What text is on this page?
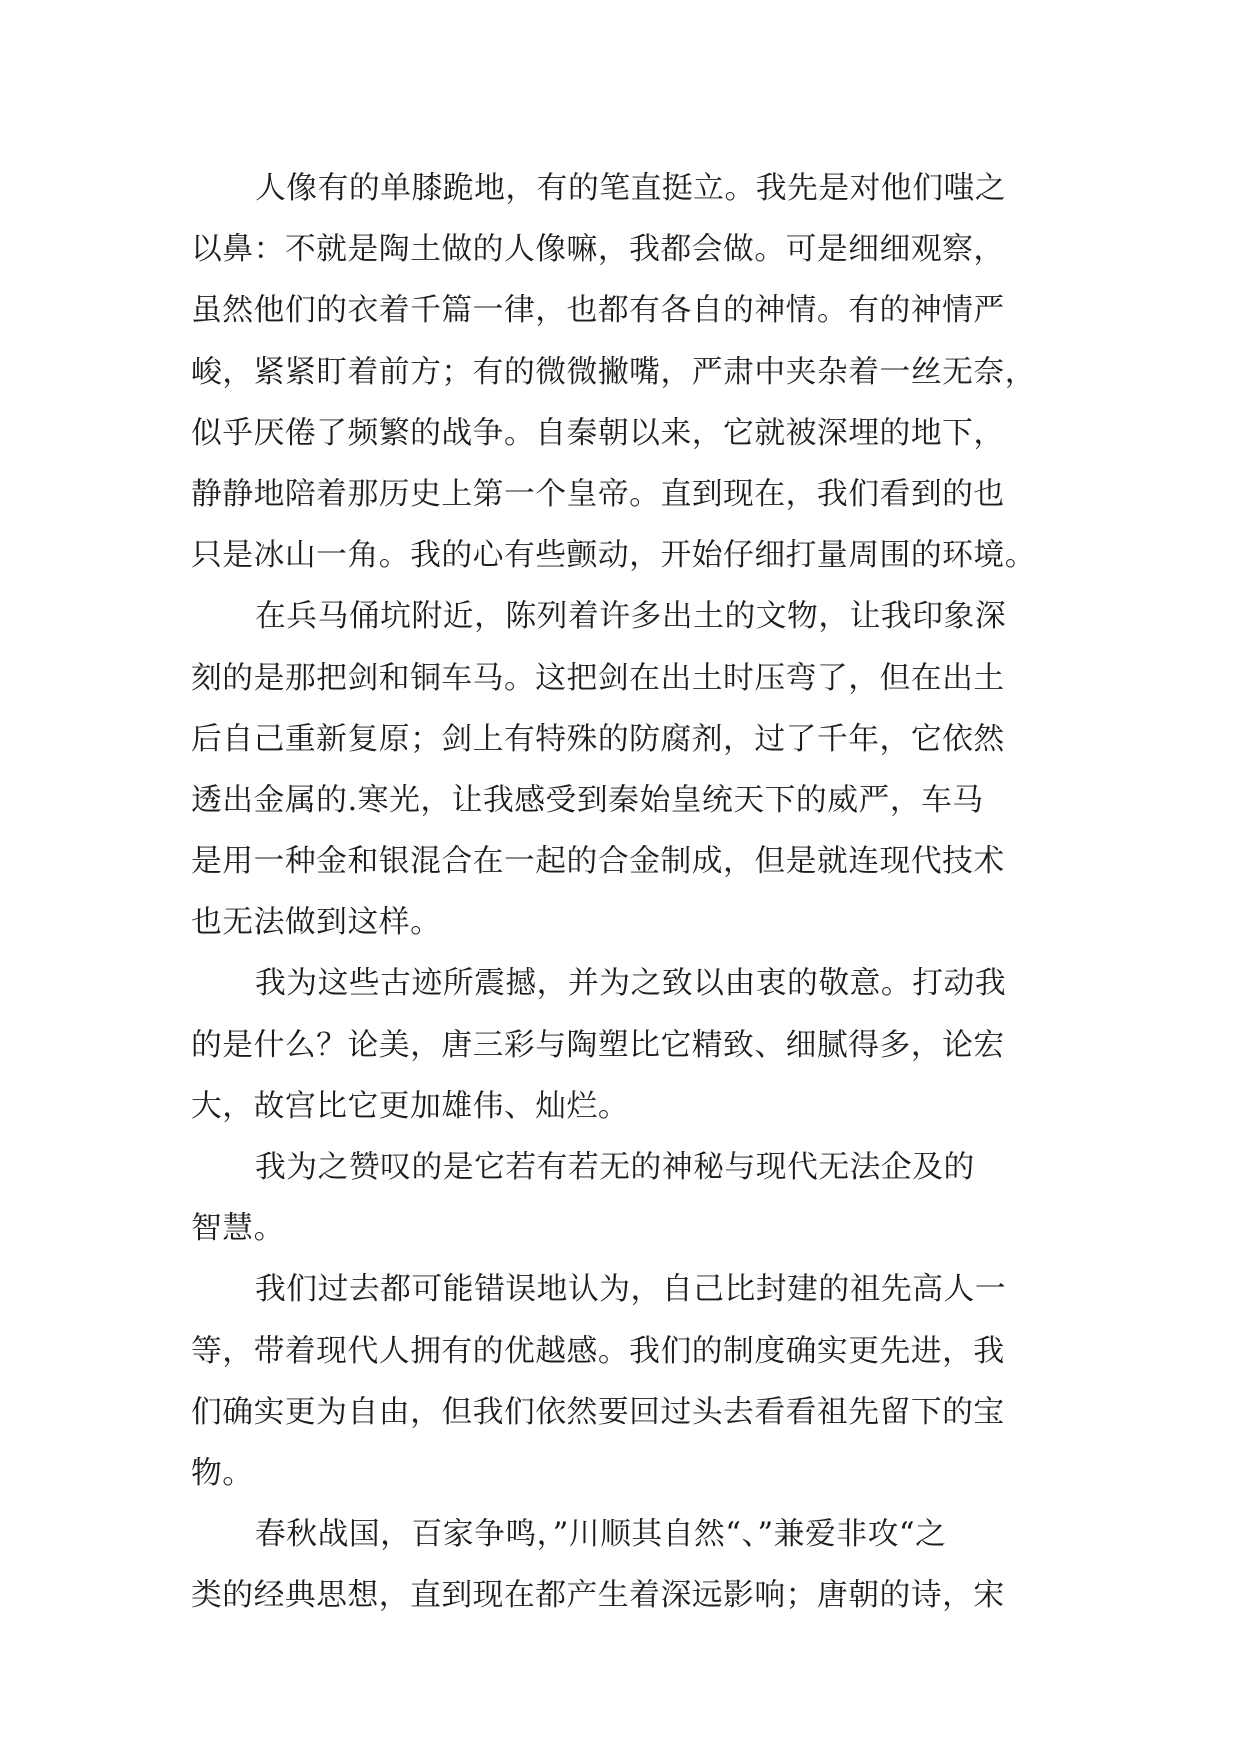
人像有的单膝跪地，有的笔直挺立。我先是对他们嗤之
以鼻：不就是陶土做的人像嘛，我都会做。可是细细观察，
虽然他们的衣着千篇一律，也都有各自的神情。有的神情严
峻，紧紧盯着前方；有的微微撇嘴，严肃中夹杂着一丝无奈，
似乎厌倦了频繁的战争。自秦朝以来，它就被深埋的地下，
静静地陪着那历史上第一个皇帝。直到现在，我们看到的也
只是冰山一角。我的心有些颤动，开始仔细打量周围的环境。
在兵马俑坑附近，陈列着许多出土的文物，让我印象深
刻的是那把剑和铜车马。这把剑在出土时压弯了，但在出土
后自己重新复原；剑上有特殊的防腐剂，过了千年，它依然
透出金属的.寒光，让我感受到秦始皇统天下的威严，车马
是用一种金和银混合在一起的合金制成，但是就连现代技术
也无法做到这样。
我为这些古迹所震撼，并为之致以由衷的敬意。打动我
的是什么？论美，唐三彩与陶塑比它精致、细腻得多，论宏
大，故宫比它更加雄伟、灿烂。
我为之赞叹的是它若有若无的神秘与现代无法企及的
智慧。
我们过去都可能错误地认为，自己比封建的祖先高人一
等，带着现代人拥有的优越感。我们的制度确实更先进，我
们确实更为自由，但我们依然要回过头去看看祖先留下的宝
物。
春秋战国，百家争鸣，”川顺其自然“、”兼爱非攻“之
类的经典思想，直到现在都产生着深远影响；唐朝的诗，宋
